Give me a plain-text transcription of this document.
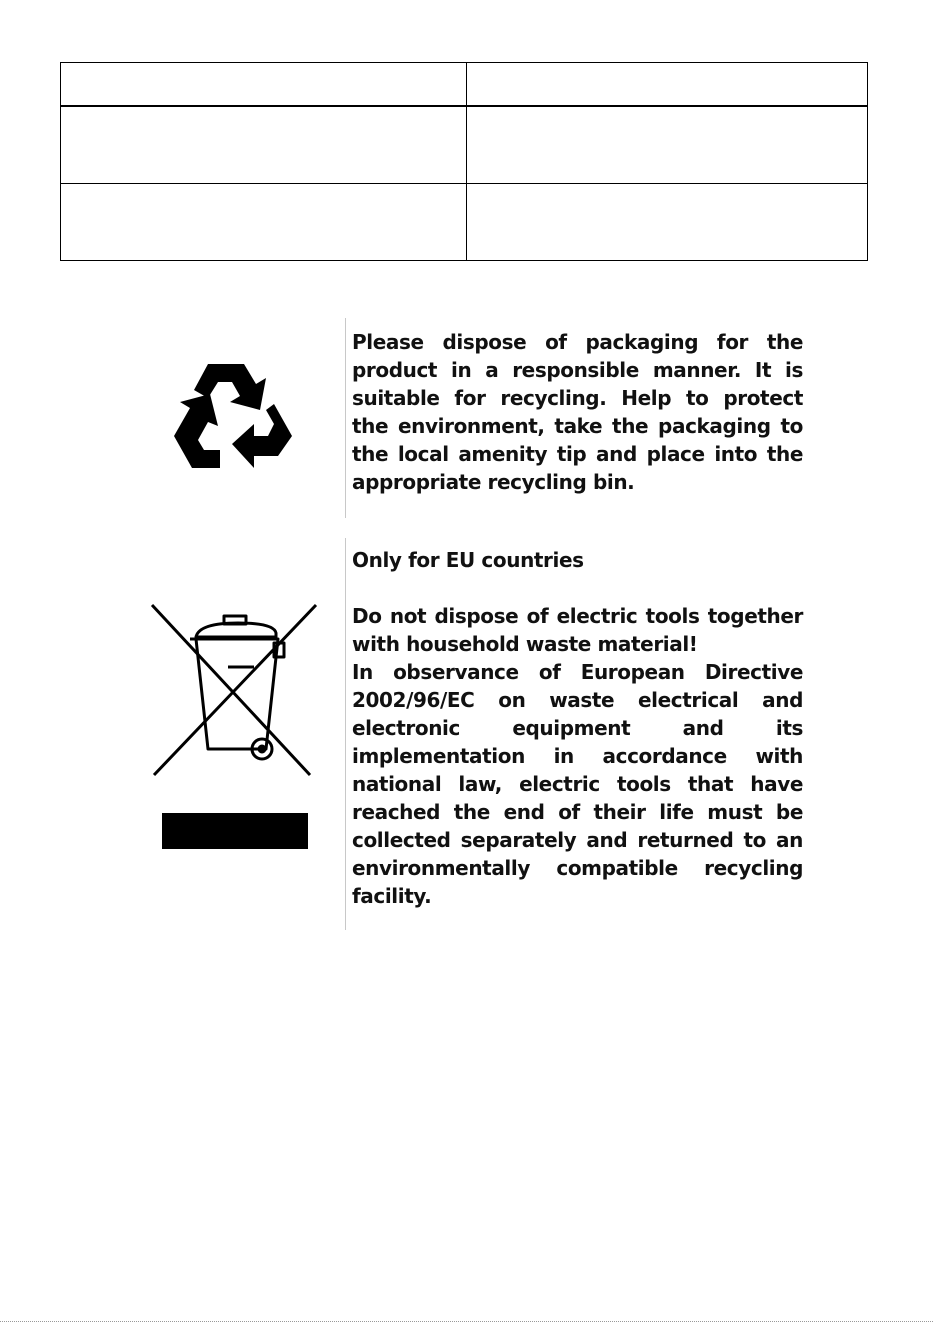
Please dispose of packaging for the product in a responsible manner. It is suitable for recycling. Help to protect the environment, take the packaging to the local amenity tip and place into the appropriate recycling bin.

Only for EU countries

Do not dispose of electric tools together with household waste material!

In observance of European Directive 2002/96/EC on waste electrical and electronic equipment and its implementation in accordance with national law, electric tools that have reached the end of their life must be collected separately and returned to an environmentally compatible recycling facility.
